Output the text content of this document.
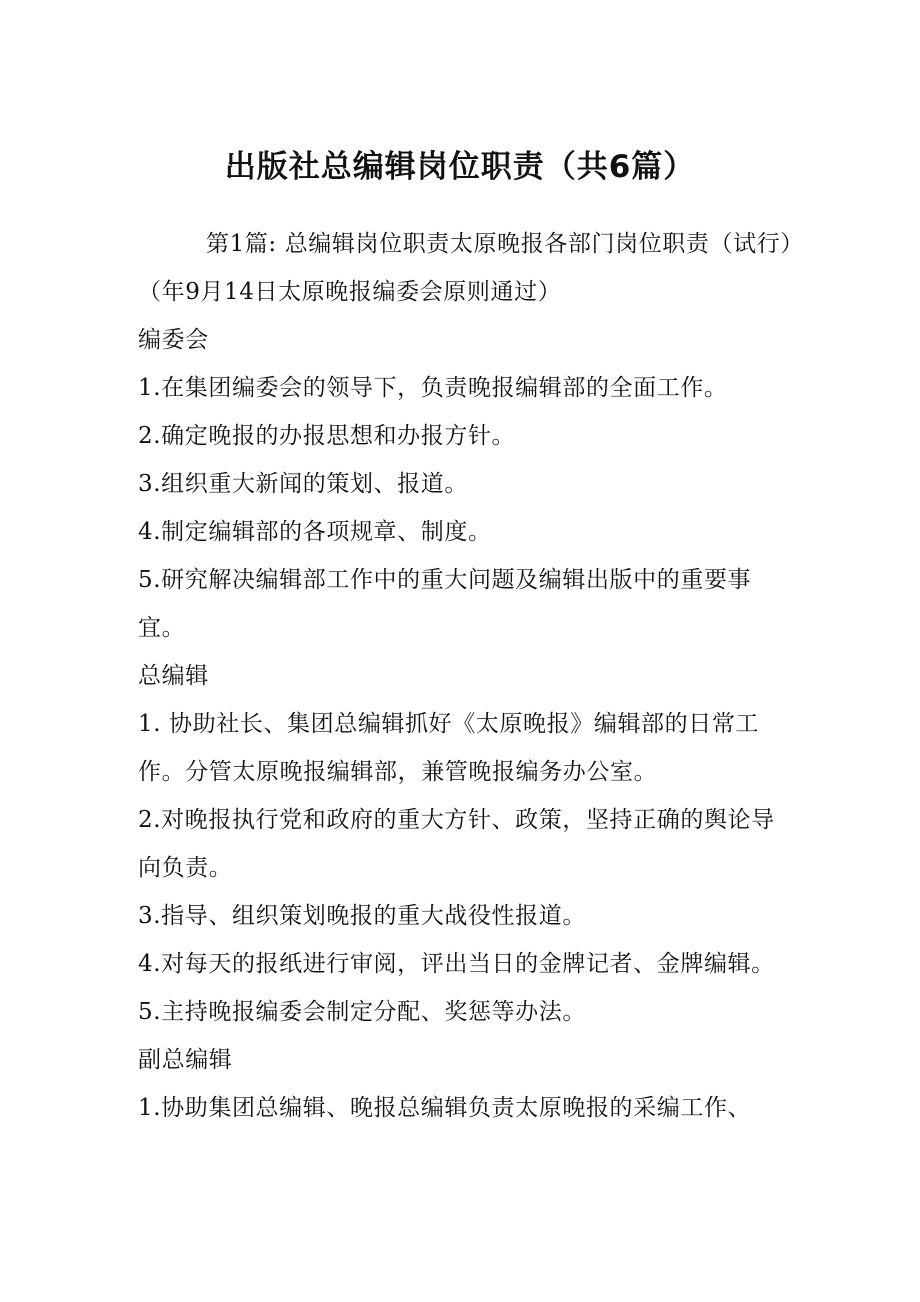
出版社总编辑岗位职责（共6篇）

第1篇: 总编辑岗位职责太原晚报各部门岗位职责（试行）

（年9月14日太原晚报编委会原则通过）

编委会

1.在集团编委会的领导下，负责晚报编辑部的全面工作。

2.确定晚报的办报思想和办报方针。

3.组织重大新闻的策划、报道。

4.制定编辑部的各项规章、制度。

5.研究解决编辑部工作中的重大问题及编辑出版中的重要事宜。

总编辑

1. 协助社长、集团总编辑抓好《太原晚报》编辑部的日常工作。分管太原晚报编辑部，兼管晚报编务办公室。

2.对晚报执行党和政府的重大方针、政策，坚持正确的舆论导向负责。

3.指导、组织策划晚报的重大战役性报道。

4.对每天的报纸进行审阅，评出当日的金牌记者、金牌编辑。

5.主持晚报编委会制定分配、奖惩等办法。

副总编辑

1.协助集团总编辑、晚报总编辑负责太原晚报的采编工作、
